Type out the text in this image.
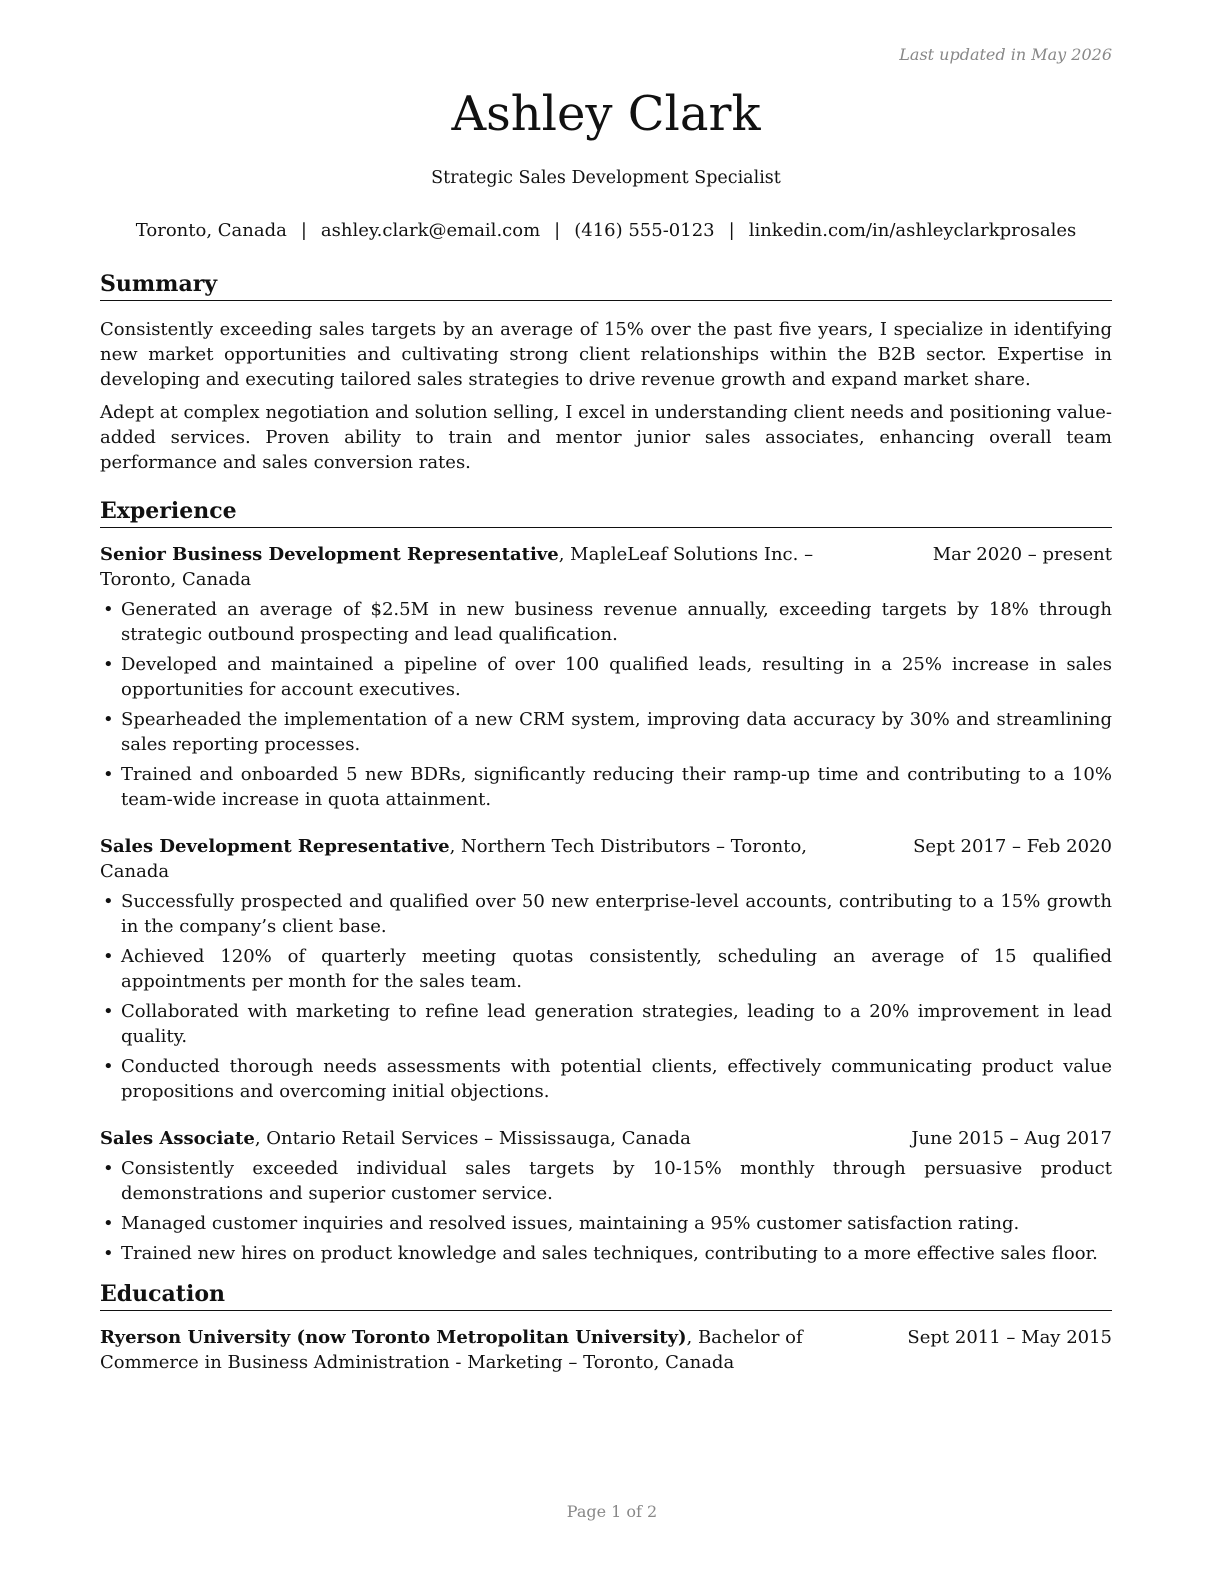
Last updated in May 2026
Ashley Clark
Strategic Sales Development Specialist
Toronto, Canada | ashley.clark@email.com | (416) 555-0123 | linkedin.com/in/ashleyclarkprosales
Summary

Consistently exceeding sales targets by an average of 15% over the past five years, I specialize in identifying new market opportunities and cultivating strong client relationships within the B2B sector. Expertise in developing and executing tailored sales strategies to drive revenue growth and expand market share.

Adept at complex negotiation and solution selling, I excel in understanding client needs and positioning value-added services. Proven ability to train and mentor junior sales associates, enhancing overall team performance and sales conversion rates.

Experience
Senior Business Development Representative, MapleLeaf Solutions Inc. – Toronto, Canada
Mar 2020 – present
• Generated an average of $2.5M in new business revenue annually, exceeding targets by 18% through strategic outbound prospecting and lead qualification.
• Developed and maintained a pipeline of over 100 qualified leads, resulting in a 25% increase in sales opportunities for account executives.
• Spearheaded the implementation of a new CRM system, improving data accuracy by 30% and streamlining sales reporting processes.
• Trained and onboarded 5 new BDRs, significantly reducing their ramp-up time and contributing to a 10% team-wide increase in quota attainment.
Sales Development Representative, Northern Tech Distributors – Toronto, Canada
Sept 2017 – Feb 2020
• Successfully prospected and qualified over 50 new enterprise-level accounts, contributing to a 15% growth in the company’s client base.
• Achieved 120% of quarterly meeting quotas consistently, scheduling an average of 15 qualified appointments per month for the sales team.
• Collaborated with marketing to refine lead generation strategies, leading to a 20% improvement in lead quality.
• Conducted thorough needs assessments with potential clients, effectively communicating product value propositions and overcoming initial objections.
Sales Associate, Ontario Retail Services – Mississauga, Canada	June 2015 – Aug 2017
• Consistently exceeded individual sales targets by 10-15% monthly through persuasive product demonstrations and superior customer service.
• Managed customer inquiries and resolved issues, maintaining a 95% customer satisfaction rating.
• Trained new hires on product knowledge and sales techniques, contributing to a more effective sales floor.
Education
Ryerson University (now Toronto Metropolitan University), Bachelor of Commerce in Business Administration - Marketing – Toronto, Canada
Sept 2011 – May 2015
Page 1 of 2
